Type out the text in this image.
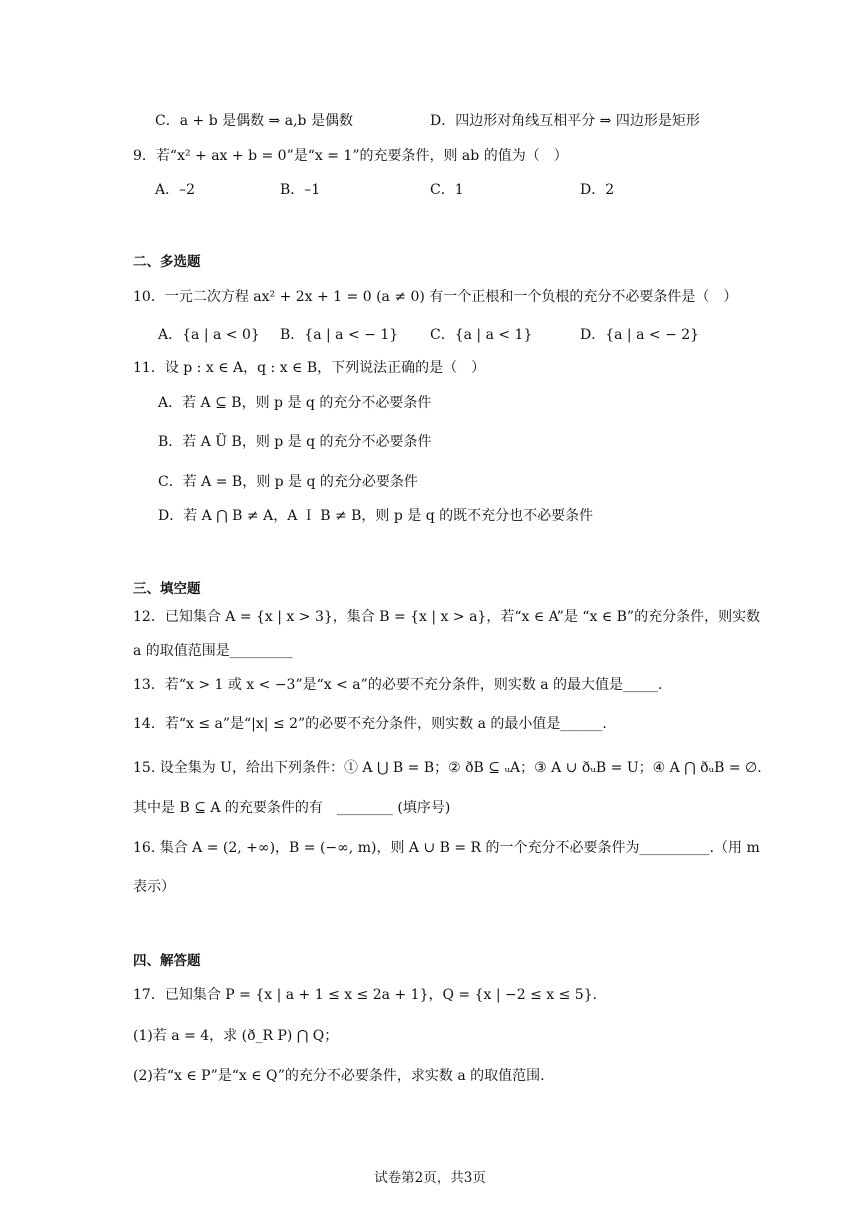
C．a + b 是偶数 ⇒ a,b 是偶数	D．四边形对角线互相平分 ⇒ 四边形是矩形
9．若“x² + ax + b = 0”是“x = 1”的充要条件，则 ab 的值为（　）
A．–2	B．–1	C．1	D．2
二、多选题
10．一元二次方程 ax² + 2x + 1 = 0 (a ≠ 0) 有一个正根和一个负根的充分不必要条件是（　）
A．{a | a < 0} B．{a | a < − 1} C．{a | a < 1}	D．{a | a < − 2}
11．设 p : x ∈ A，q : x ∈ B，下列说法正确的是（　）
A．若 A ⊆ B，则 p 是 q 的充分不必要条件
B．若 A Ü B，则 p 是 q 的充分不必要条件
C．若 A = B，则 p 是 q 的充分必要条件
D．若 A ⋂ B ≠ A，A Ｉ B ≠ B，则 p 是 q 的既不充分也不必要条件
三、填空题
12．已知集合 A = {x | x > 3}，集合 B = {x | x > a}，若“x ∈ A”是 “x ∈ B”的充分条件，则实数
a 的取值范围是_________
13．若“x > 1 或 x < −3”是“x < a”的必要不充分条件，则实数 a 的最大值是_____.
14．若“x ≤ a”是“|x| ≤ 2”的必要不充分条件，则实数 a 的最小值是______.
15. 设全集为 U，给出下列条件：① A ⋃ B = B；② ðB ⊆ ᵤA；③ A ∪ ðᵤB = U；④ A ⋂ ðᵤB = ∅.
其中是 B ⊆ A 的充要条件的有　________ (填序号)
16. 集合 A = (2, +∞)，B = (−∞, m)，则 A ∪ B = R 的一个充分不必要条件为__________.（用 m
表示）
四、解答题
17．已知集合 P = {x | a + 1 ≤ x ≤ 2a + 1}，Q = {x | −2 ≤ x ≤ 5}.
(1)若 a = 4，求 (ð_R P) ⋂ Q；
(2)若“x ∈ P”是“x ∈ Q”的充分不必要条件，求实数 a 的取值范围.
试卷第2页，共3页
